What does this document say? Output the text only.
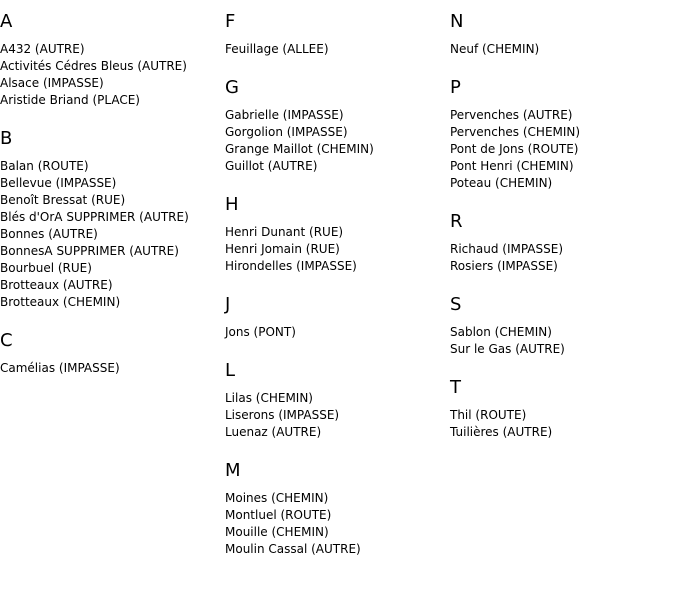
A
A432 (AUTRE)
Activités Cédres Bleus (AUTRE)
Alsace (IMPASSE)
Aristide Briand (PLACE)
B
Balan (ROUTE)
Bellevue (IMPASSE)
Benoît Bressat (RUE)
Blés d'OrA SUPPRIMER (AUTRE)
Bonnes (AUTRE)
BonnesA SUPPRIMER (AUTRE)
Bourbuel (RUE)
Brotteaux (AUTRE)
Brotteaux (CHEMIN)
C
Camélias (IMPASSE)
F
Feuillage (ALLEE)
G
Gabrielle (IMPASSE)
Gorgolion (IMPASSE)
Grange Maillot (CHEMIN)
Guillot (AUTRE)
H
Henri Dunant (RUE)
Henri Jomain (RUE)
Hirondelles (IMPASSE)
J
Jons (PONT)
L
Lilas (CHEMIN)
Liserons (IMPASSE)
Luenaz (AUTRE)
M
Moines (CHEMIN)
Montluel (ROUTE)
Mouille (CHEMIN)
Moulin Cassal (AUTRE)
N
Neuf (CHEMIN)
P
Pervenches (AUTRE)
Pervenches (CHEMIN)
Pont de Jons (ROUTE)
Pont Henri (CHEMIN)
Poteau (CHEMIN)
R
Richaud (IMPASSE)
Rosiers (IMPASSE)
S
Sablon (CHEMIN)
Sur le Gas (AUTRE)
T
Thil (ROUTE)
Tuilières (AUTRE)
